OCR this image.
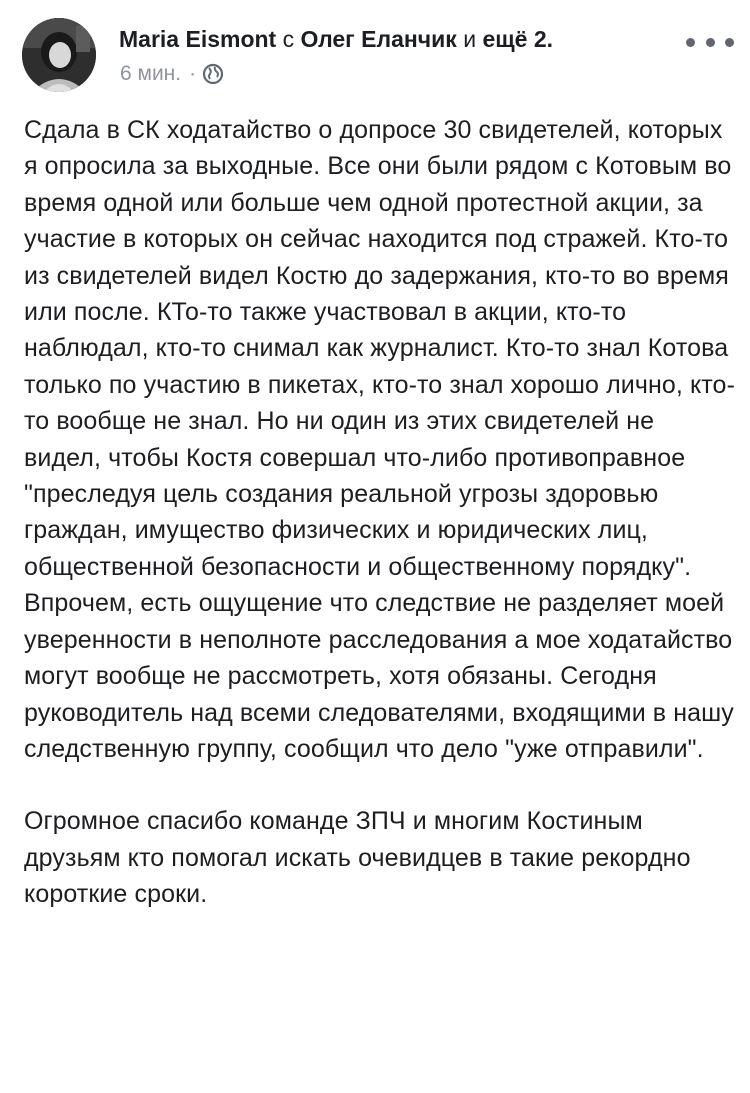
Maria Eismont с Олег Еланчик и ещё 2.
6 мин. ·

Сдала в СК ходатайство о допросе 30 свидетелей, которых я опросила за выходные. Все они были рядом с Котовым во время одной или больше чем одной протестной акции, за участие в которых он сейчас находится под стражей. Кто-то из свидетелей видел Костю до задержания, кто-то во время или после. КТо-то также участвовал в акции, кто-то наблюдал, кто-то снимал как журналист. Кто-то знал Котова только по участию в пикетах, кто-то знал хорошо лично, кто-то вообще не знал. Но ни один из этих свидетелей не видел, чтобы Костя совершал что-либо противоправное "преследуя цель создания реальной угрозы здоровью граждан, имущество физических и юридических лиц, общественной безопасности и общественному порядку".

Впрочем, есть ощущение что следствие не разделяет моей уверенности в неполноте расследования а мое ходатайство могут вообще не рассмотреть, хотя обязаны. Сегодня руководитель над всеми следователями, входящими в нашу следственную группу, сообщил что дело "уже отправили".

Огромное спасибо команде ЗПЧ и многим Костиным друзьям кто помогал искать очевидцев в такие рекордно короткие сроки.
